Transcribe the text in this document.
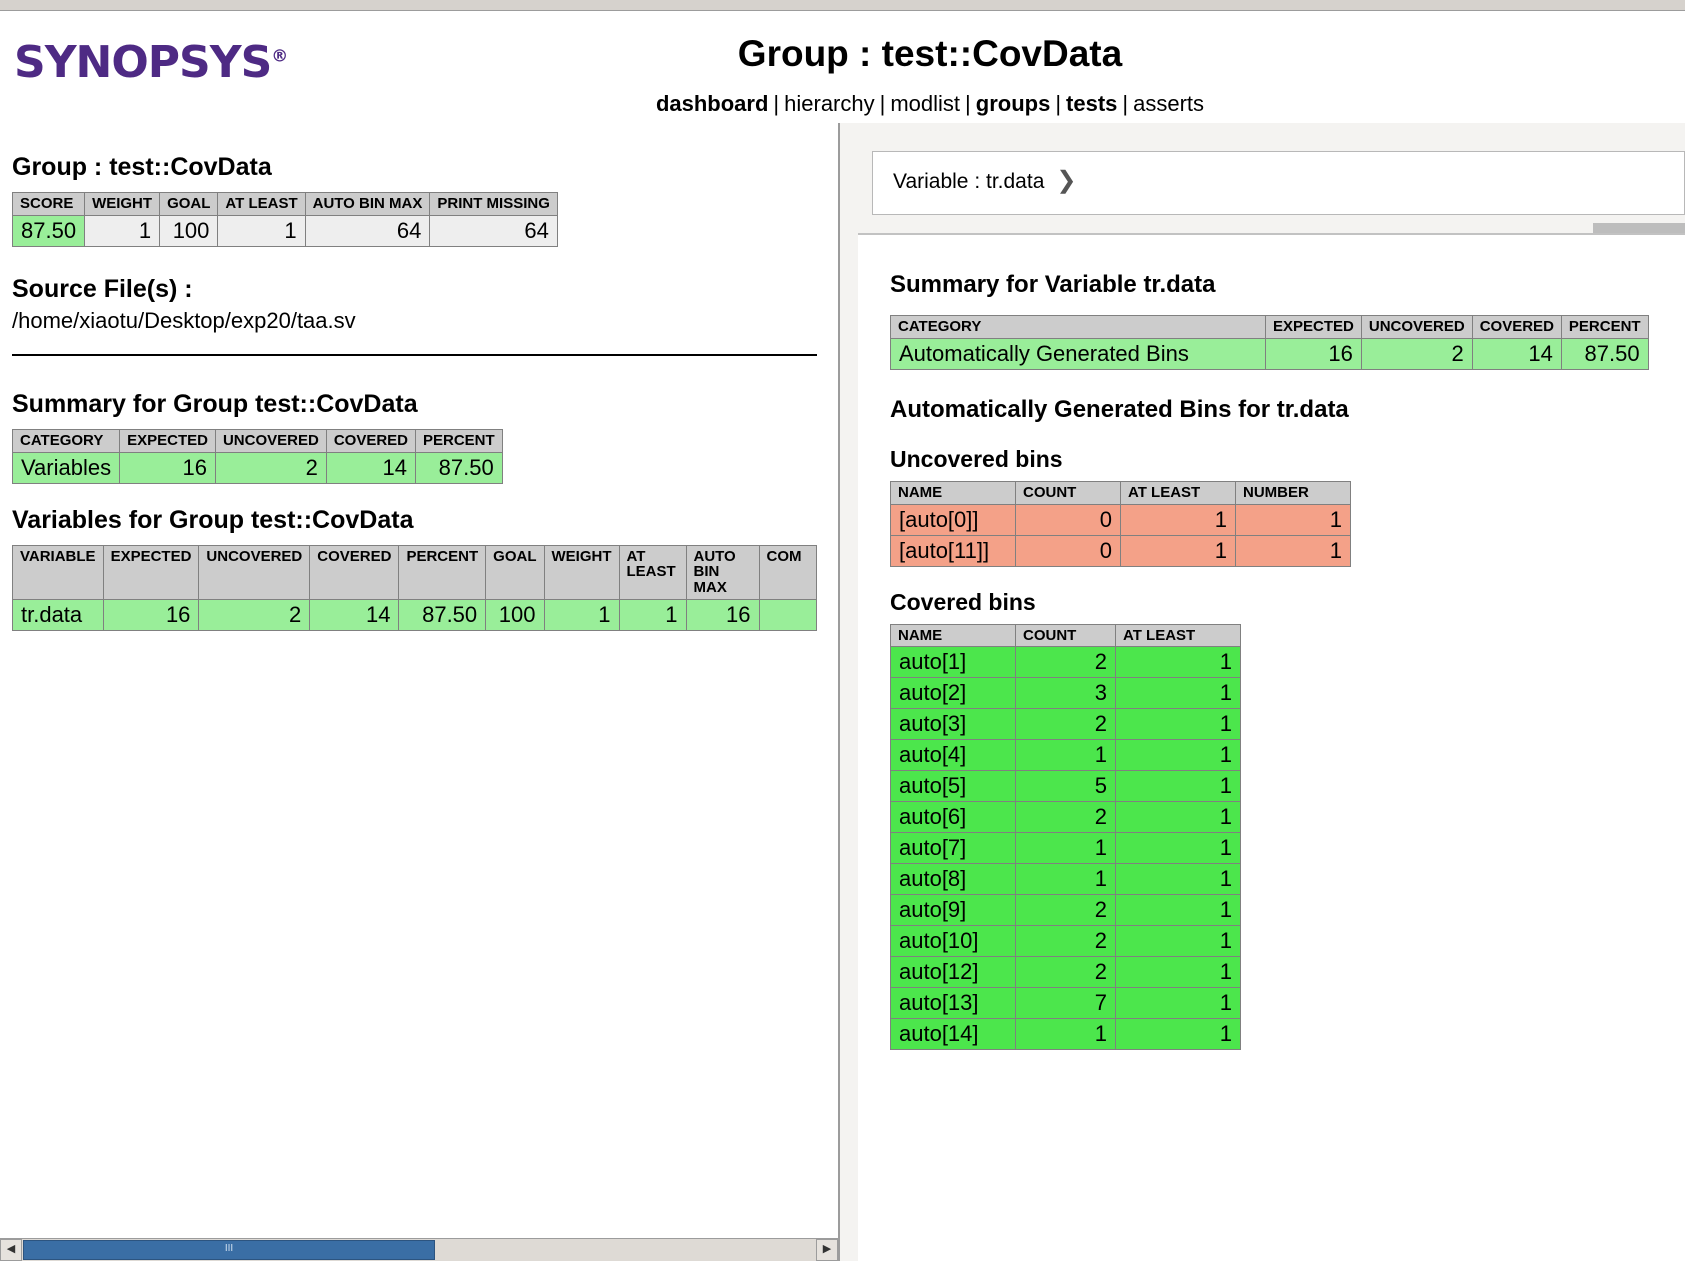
SYNOPSYS®	Group : test::CovData
dashboard | hierarchy | modlist | groups | tests | asserts
Group : test::CovData
SCORE	WEIGHT	GOAL	AT LEAST	AUTO BIN MAX	PRINT MISSING
87.50	1	100	1	64	64
Source File(s) :
/home/xiaotu/Desktop/exp20/taa.sv
Summary for Group test::CovData
CATEGORY	EXPECTED	UNCOVERED	COVERED	PERCENT
Variables	16	2	14	87.50
Variables for Group test::CovData
VARIABLE	EXPECTED	UNCOVERED	COVERED	PERCENT	GOAL	WEIGHT	AT LEAST	AUTO BIN MAX	COM
tr.data	16	2	14	87.50	100	1	1	16	
◀	III	▶
Variable : tr.data ❯
Summary for Variable tr.data
CATEGORY	EXPECTED	UNCOVERED	COVERED	PERCENT
Automatically Generated Bins	16	2	14	87.50
Automatically Generated Bins for tr.data
Uncovered bins
NAME	COUNT	AT LEAST	NUMBER
[auto[0]]	0	1	1
[auto[11]]	0	1	1
Covered bins
NAME	COUNT	AT LEAST
auto[1]	2	1
auto[2]	3	1
auto[3]	2	1
auto[4]	1	1
auto[5]	5	1
auto[6]	2	1
auto[7]	1	1
auto[8]	1	1
auto[9]	2	1
auto[10]	2	1
auto[12]	2	1
auto[13]	7	1
auto[14]	1	1
